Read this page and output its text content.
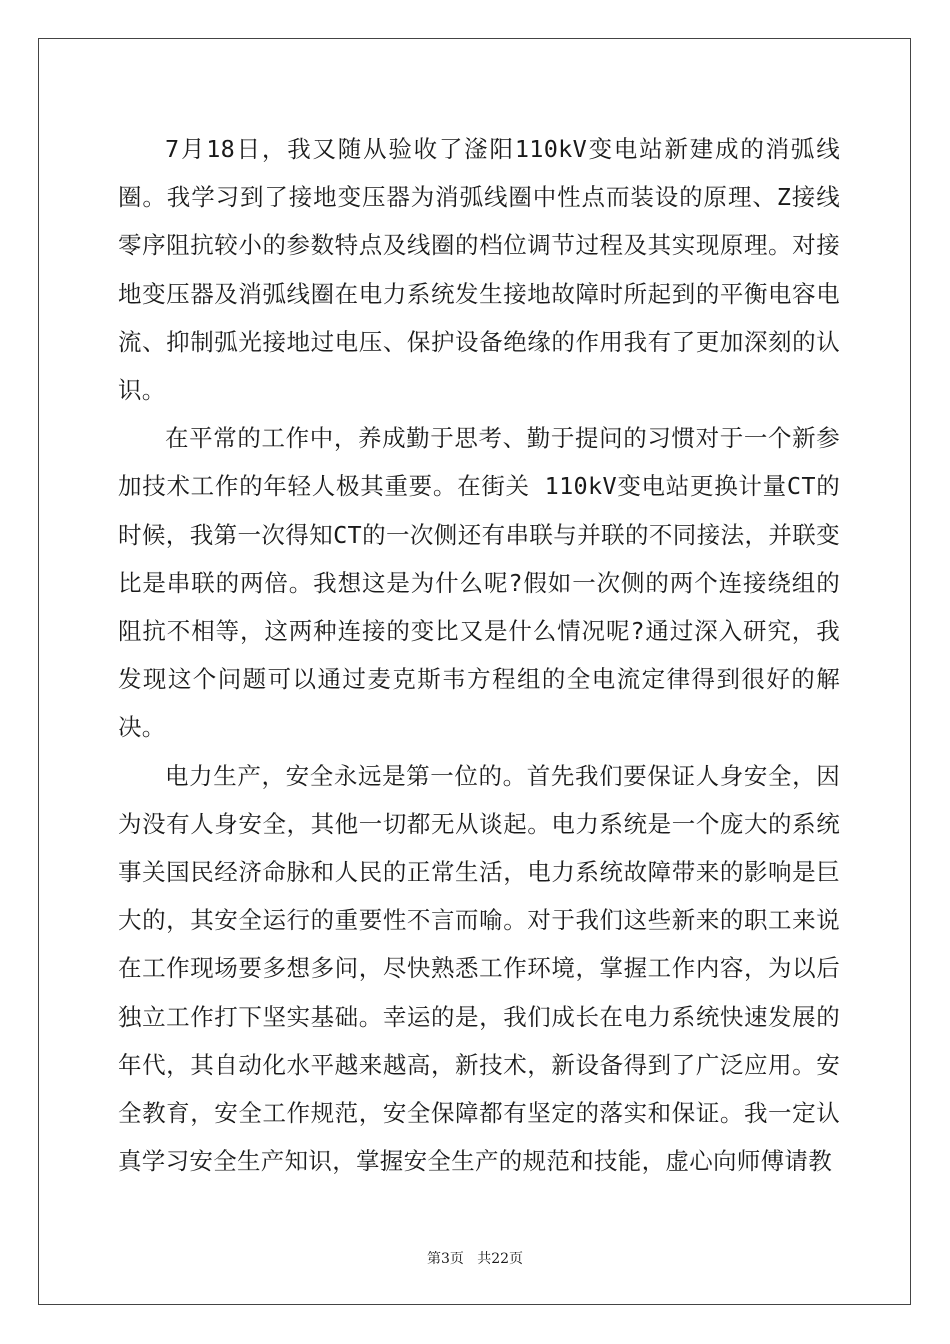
7月18日，我又随从验收了滏阳110kV变电站新建成的消弧线圈。我学习到了接地变压器为消弧线圈中性点而装设的原理、Z接线零序阻抗较小的参数特点及线圈的档位调节过程及其实现原理。对接地变压器及消弧线圈在电力系统发生接地故障时所起到的平衡电容电流、抑制弧光接地过电压、保护设备绝缘的作用我有了更加深刻的认识。

在平常的工作中，养成勤于思考、勤于提问的习惯对于一个新参加技术工作的年轻人极其重要。在街关 110kV变电站更换计量CT的时候，我第一次得知CT的一次侧还有串联与并联的不同接法，并联变比是串联的两倍。我想这是为什么呢?假如一次侧的两个连接绕组的阻抗不相等，这两种连接的变比又是什么情况呢?通过深入研究，我发现这个问题可以通过麦克斯韦方程组的全电流定律得到很好的解决。

电力生产，安全永远是第一位的。首先我们要保证人身安全，因为没有人身安全，其他一切都无从谈起。电力系统是一个庞大的系统事关国民经济命脉和人民的正常生活，电力系统故障带来的影响是巨大的，其安全运行的重要性不言而喻。对于我们这些新来的职工来说在工作现场要多想多问，尽快熟悉工作环境，掌握工作内容，为以后独立工作打下坚实基础。幸运的是，我们成长在电力系统快速发展的年代，其自动化水平越来越高，新技术，新设备得到了广泛应用。安全教育，安全工作规范，安全保障都有坚定的落实和保证。我一定认真学习安全生产知识，掌握安全生产的规范和技能，虚心向师傅请教

第3页   共22页
